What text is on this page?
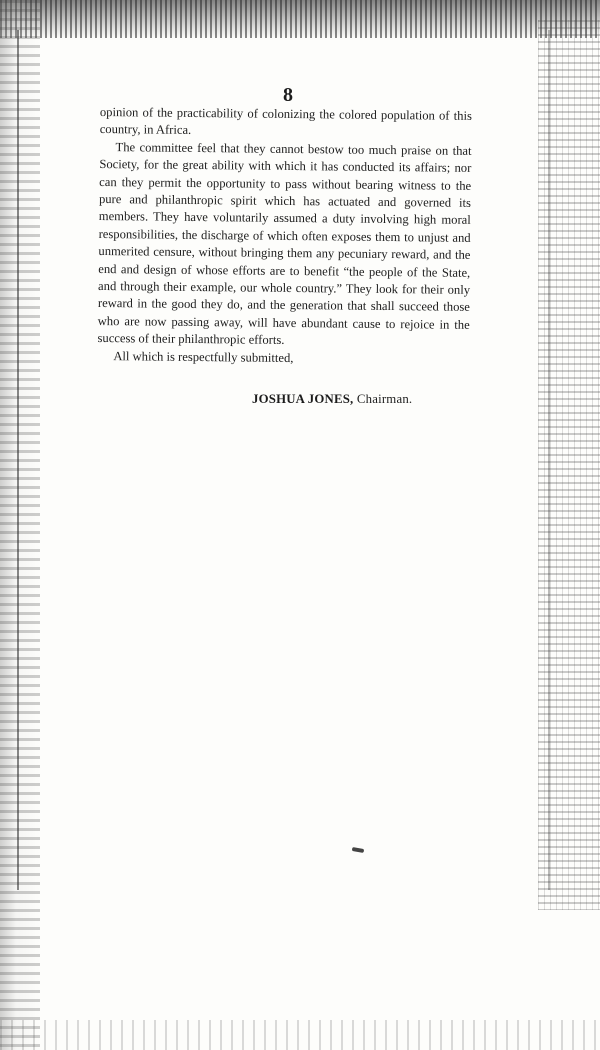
8

opinion of the practicability of colonizing the colored population of this country, in Africa.

The committee feel that they cannot bestow too much praise on that Society, for the great ability with which it has conducted its affairs; nor can they permit the opportunity to pass without bearing witness to the pure and philanthropic spirit which has actuated and governed its members. They have voluntarily assumed a duty involving high moral responsibilities, the discharge of which often exposes them to unjust and unmerited censure, without bringing them any pecuniary reward, and the end and design of whose efforts are to benefit “the people of the State, and through their example, our whole country.” They look for their only reward in the good they do, and the generation that shall succeed those who are now passing away, will have abundant cause to rejoice in the success of their philanthropic efforts.

All which is respectfully submitted,

JOSHUA JONES, Chairman.
